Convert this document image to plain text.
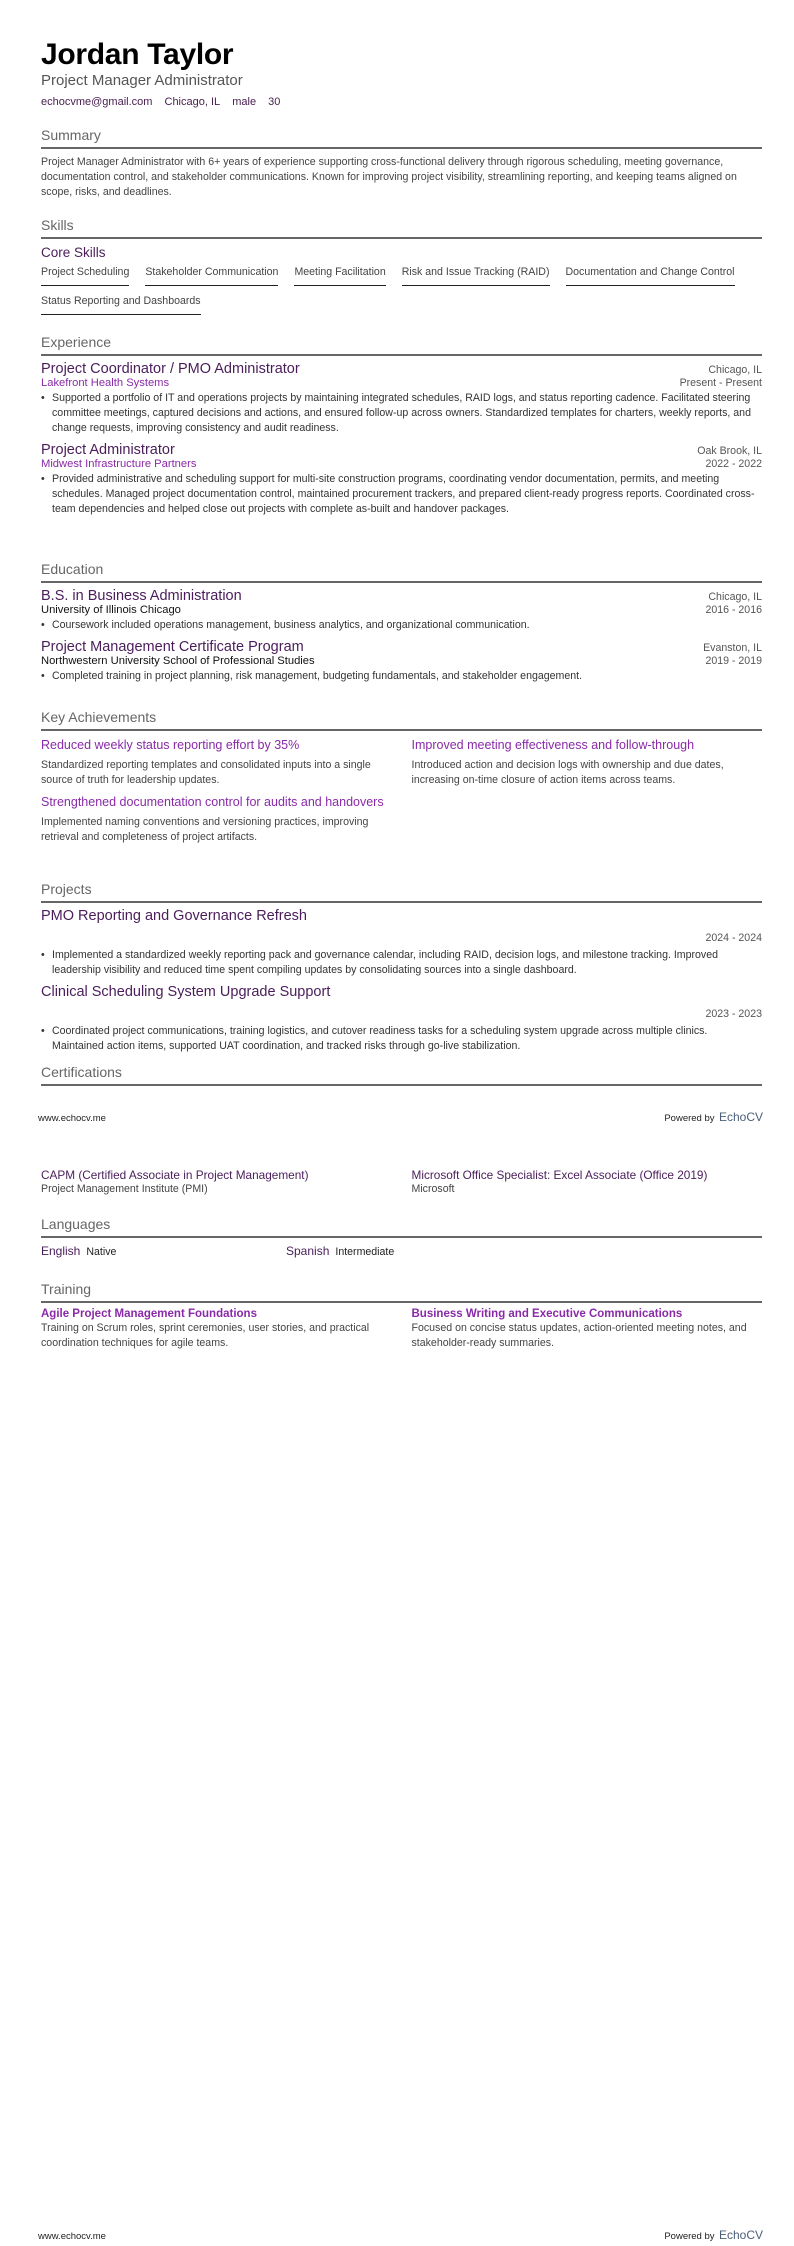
Jordan Taylor
Project Manager Administrator
echocvme@gmail.com Chicago, IL male 30
Summary
Project Manager Administrator with 6+ years of experience supporting cross-functional delivery through rigorous scheduling, meeting governance, documentation control, and stakeholder communications. Known for improving project visibility, streamlining reporting, and keeping teams aligned on scope, risks, and deadlines.
Skills
Core Skills
Project Scheduling Stakeholder Communication Meeting Facilitation Risk and Issue Tracking (RAID) Documentation and Change Control
Status Reporting and Dashboards
Experience
Project Coordinator / PMO Administrator	Chicago, IL
Lakefront Health Systems	Present - Present
• Supported a portfolio of IT and operations projects by maintaining integrated schedules, RAID logs, and status reporting cadence. Facilitated steering committee meetings, captured decisions and actions, and ensured follow-up across owners. Standardized templates for charters, weekly reports, and change requests, improving consistency and audit readiness.
Project Administrator	Oak Brook, IL
Midwest Infrastructure Partners	2022 - 2022
• Provided administrative and scheduling support for multi-site construction programs, coordinating vendor documentation, permits, and meeting schedules. Managed project documentation control, maintained procurement trackers, and prepared client-ready progress reports. Coordinated cross-team dependencies and helped close out projects with complete as-built and handover packages.
Education
B.S. in Business Administration	Chicago, IL
University of Illinois Chicago	2016 - 2016
• Coursework included operations management, business analytics, and organizational communication.
Project Management Certificate Program	Evanston, IL
Northwestern University School of Professional Studies	2019 - 2019
• Completed training in project planning, risk management, budgeting fundamentals, and stakeholder engagement.
Key Achievements
Reduced weekly status reporting effort by 35%
Standardized reporting templates and consolidated inputs into a single source of truth for leadership updates.
Improved meeting effectiveness and follow-through
Introduced action and decision logs with ownership and due dates, increasing on-time closure of action items across teams.
Strengthened documentation control for audits and handovers
Implemented naming conventions and versioning practices, improving retrieval and completeness of project artifacts.
Projects
PMO Reporting and Governance Refresh
2024 - 2024
• Implemented a standardized weekly reporting pack and governance calendar, including RAID, decision logs, and milestone tracking. Improved leadership visibility and reduced time spent compiling updates by consolidating sources into a single dashboard.
Clinical Scheduling System Upgrade Support
2023 - 2023
• Coordinated project communications, training logistics, and cutover readiness tasks for a scheduling system upgrade across multiple clinics. Maintained action items, supported UAT coordination, and tracked risks through go-live stabilization.
Certifications
www.echocv.me	Powered by EchoCV
CAPM (Certified Associate in Project Management)
Project Management Institute (PMI)
Microsoft Office Specialist: Excel Associate (Office 2019)
Microsoft
Languages
English Native	Spanish Intermediate
Training
Agile Project Management Foundations
Training on Scrum roles, sprint ceremonies, user stories, and practical coordination techniques for agile teams.
Business Writing and Executive Communications
Focused on concise status updates, action-oriented meeting notes, and stakeholder-ready summaries.
www.echocv.me	Powered by EchoCV
